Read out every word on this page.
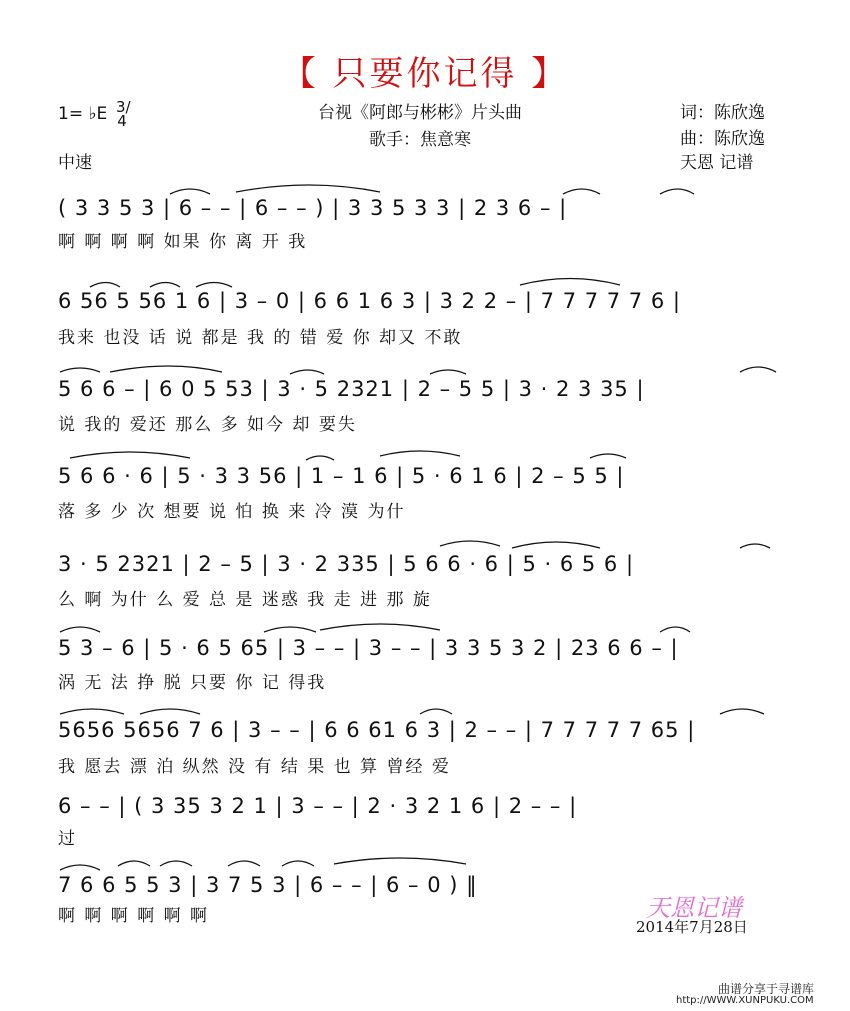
【 只要你记得 】
1= ♭E 3/4
中速
台视《阿郎与彬彬》片头曲
歌手：焦意寒
词：陈欣逸
曲：陈欣逸
天恩 记谱
( 3 3 5 3 | 6 – – | 6 – – ) | 3 3 5 3 3 | 2 3 6 – |
啊 啊 啊 啊 如果 你 离 开 我
6 56 5 56 1 6 | 3 – 0 | 6 6 1 6 3 | 3 2 2 – | 7 7 7 7 7 6 |
我来 也没 话 说 都是 我 的 错 爱 你 却又 不敢
5 6 6 – | 6 0 5 53 | 3 · 5 2321 | 2 – 5 5 | 3 · 2 3 35 |
说 我的 爱还 那么 多 如今 却 要失
5 6 6 · 6 | 5 · 3 3 56 | 1 – 1 6 | 5 · 6 1 6 | 2 – 5 5 |
落 多 少 次 想要 说 怕 换 来 冷 漠 为什
3 · 5 2321 | 2 – 5 | 3 · 2 335 | 5 6 6 · 6 | 5 · 6 5 6 |
么 啊 为什 么 爱 总 是 迷惑 我 走 进 那 旋
5 3 – 6 | 5 · 6 5 65 | 3 – – | 3 – – | 3 3 5 3 2 | 23 6 6 – |
涡 无 法 挣 脱 只要 你 记 得我
5656 5656 7 6 | 3 – – | 6 6 61 6 3 | 2 – – | 7 7 7 7 7 65 |
我 愿去 漂 泊 纵然 没 有 结 果 也 算 曾经 爱
6 – – | ( 3 35 3 2 1 | 3 – – | 2 · 3 2 1 6 | 2 – – |
过
7 6 6 5 5 3 | 3 7 5 3 | 6 – – | 6 – 0 ) ‖
啊 啊 啊 啊 啊 啊	天恩记谱
2014年7月28日
曲谱分享于寻谱库
http://WWW.XUNPUKU.COM
